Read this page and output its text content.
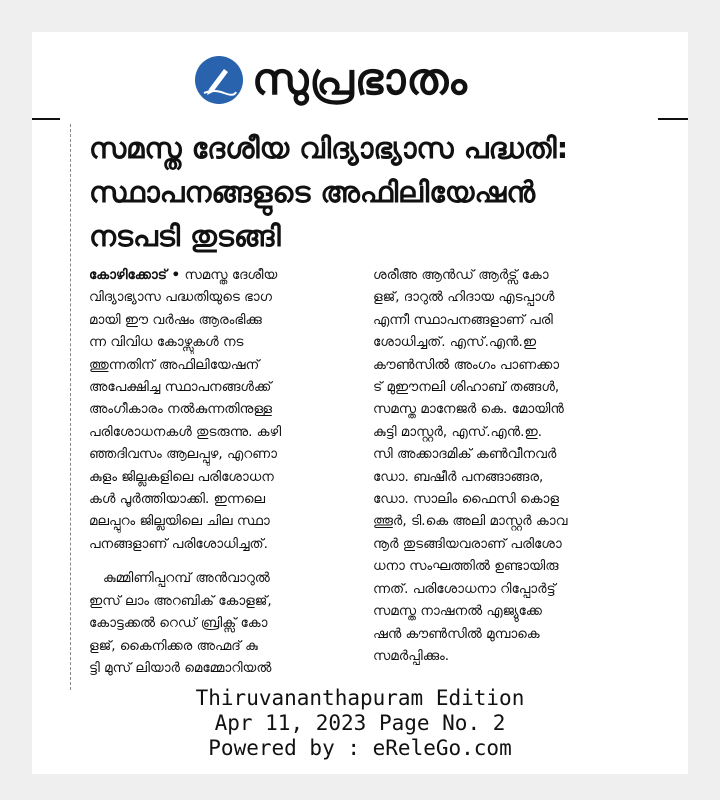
സുപ്രഭാതം
സമസ്ത ദേശീയ വിദ്യാഭ്യാസ പദ്ധതി:
സ്ഥാപനങ്ങളുടെ അഫിലിയേഷൻ
നടപടി തുടങ്ങി
കോഴിക്കോട് • സമസ്ത ദേശീയ
വിദ്യാഭ്യാസ പദ്ധതിയുടെ ഭാഗ
മായി ഈ വർഷം ആരംഭിക്കു
ന്ന വിവിധ കോഴ്സുകൾ നട
ത്തുന്നതിന് അഫിലിയേഷന്
അപേക്ഷിച്ച സ്ഥാപനങ്ങൾക്ക്
അംഗീകാരം നൽകുന്നതിനുള്ള
പരിശോധനകൾ തുടരുന്നു. കഴി
ഞ്ഞദിവസം ആലപ്പുഴ, എറണാ
കുളം ജില്ലകളിലെ പരിശോധന
കൾ പൂർത്തിയാക്കി. ഇന്നലെ
മലപ്പുറം ജില്ലയിലെ ചില സ്ഥാ
പനങ്ങളാണ് പരിശോധിച്ചത്.
കുമ്മിണിപ്പറമ്പ് അൻവാറുൽ
ഇസ് ലാം അറബിക് കോളജ്,
കോട്ടക്കൽ റെഡ് ബ്രിക്സ് കോ
ളജ്, കൈനിക്കര അഹ്മദ് കു
ട്ടി മുസ് ലിയാർ മെമ്മോറിയൽ
ശരീഅ ആൻഡ് ആർട്സ് കോ
ളജ്, ദാറുൽ ഹിദായ എടപ്പാൾ
എന്നീ സ്ഥാപനങ്ങളാണ് പരി
ശോധിച്ചത്. എസ്.എൻ.ഇ
കൗൺസിൽ അംഗം പാണക്കാ
ട് മുഈനലി ശിഹാബ് തങ്ങൾ,
സമസ്ത മാനേജർ കെ. മോയിൻ
കുട്ടി മാസ്റ്റർ, എസ്.എൻ.ഇ.
സി അക്കാദമിക് കൺവീനവർ
ഡോ. ബഷീർ പനങ്ങാങ്ങര,
ഡോ. സാലിം ഫൈസി കൊള
ത്തൂർ, ടി.കെ അലി മാസ്റ്റർ കാവ
നൂർ തുടങ്ങിയവരാണ് പരിശോ
ധനാ സംഘത്തിൽ ഉണ്ടായിരു
ന്നത്. പരിശോധനാ റിപ്പോർട്ട്
സമസ്ത നാഷനൽ എജ്യുക്കേ
ഷൻ കൗൺസിൽ മുമ്പാകെ
സമർപ്പിക്കും.
Thiruvananthapuram Edition
Apr 11, 2023 Page No. 2
Powered by : eReleGo.com
